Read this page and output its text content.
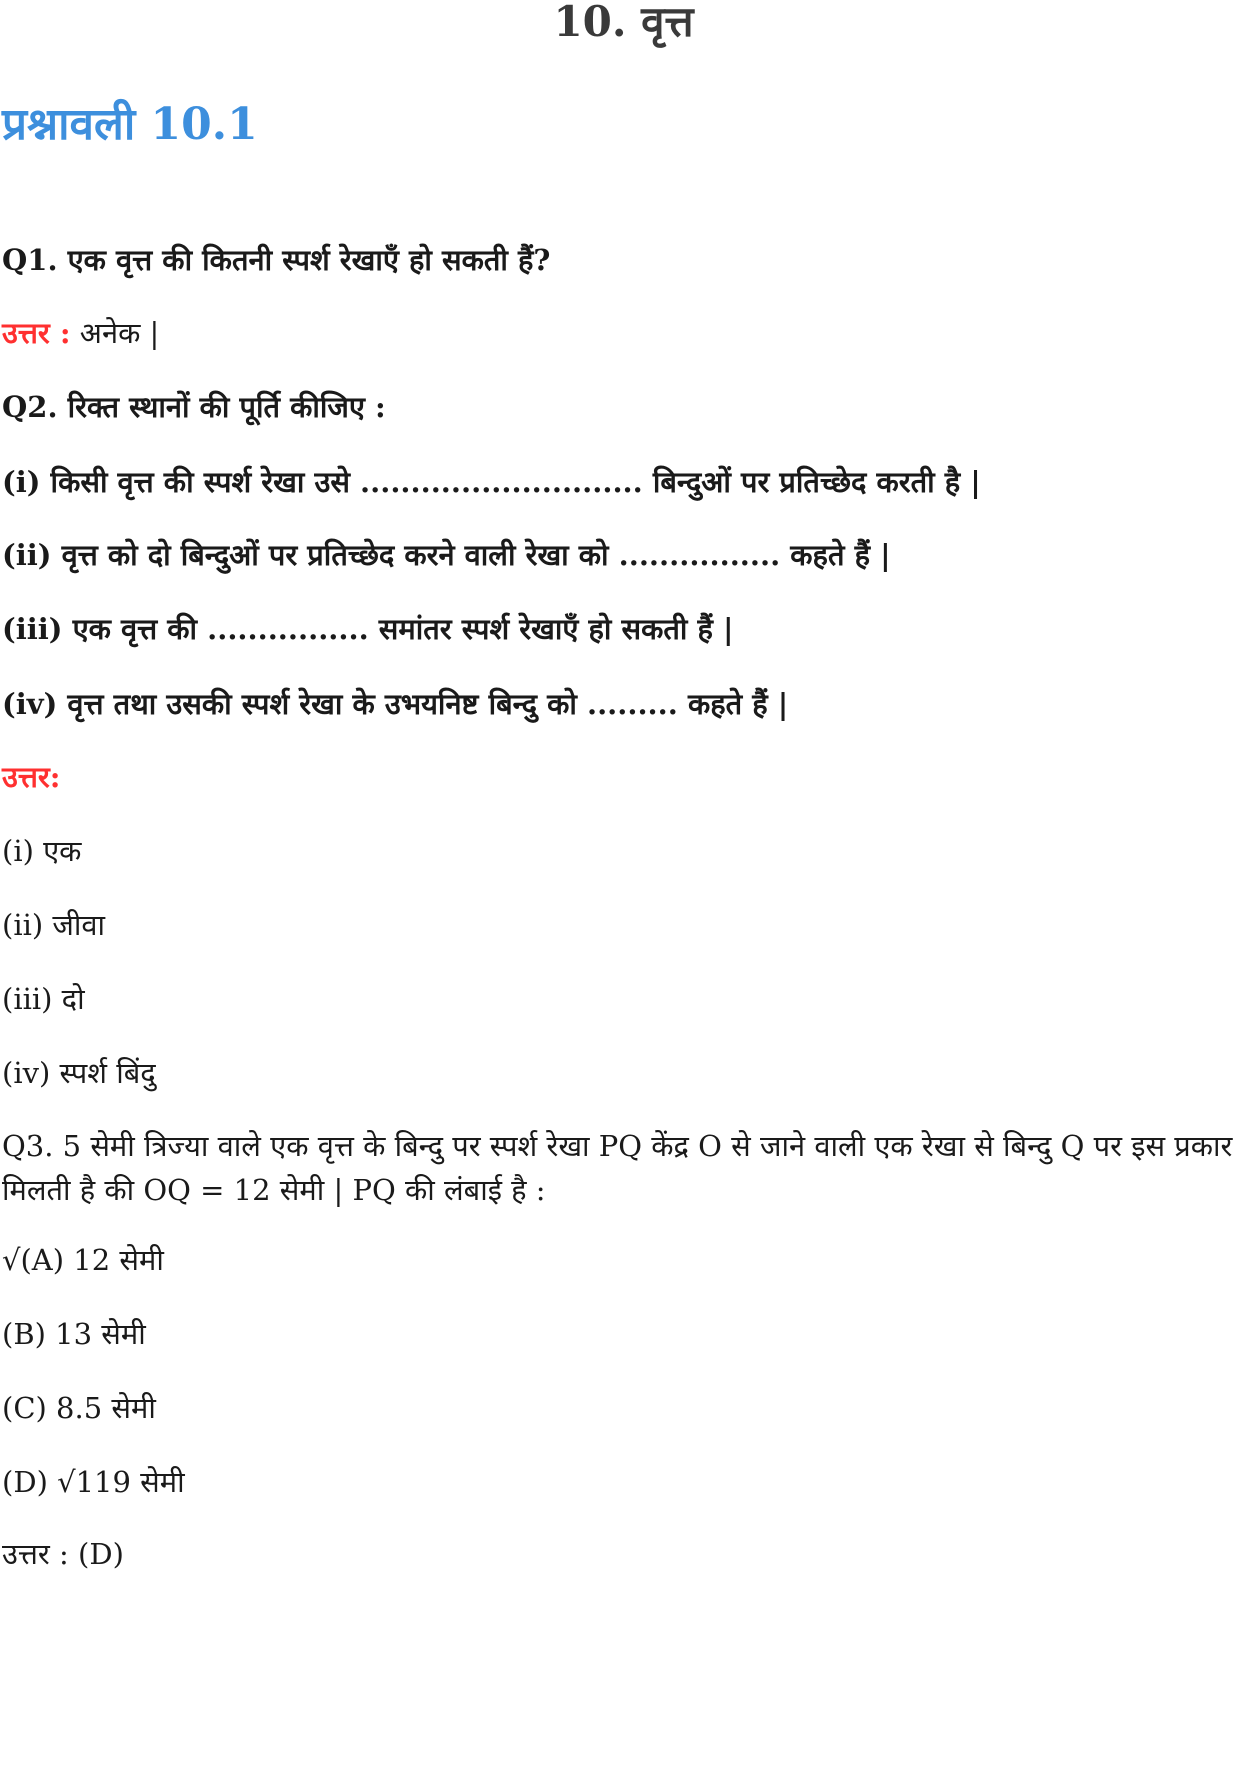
10. वृत्त
प्रश्नावली 10.1
Q1. एक वृत्त की कितनी स्पर्श रेखाएँ हो सकती हैं?
उत्तर : अनेक |
Q2. रिक्त स्थानों की पूर्ति कीजिए :
(i) किसी वृत्त की स्पर्श रेखा उसे ............................ बिन्दुओं पर प्रतिच्छेद करती है |
(ii) वृत्त को दो बिन्दुओं पर प्रतिच्छेद करने वाली रेखा को ................ कहते हैं |
(iii) एक वृत्त की ................ समांतर स्पर्श रेखाएँ हो सकती हैं |
(iv) वृत्त तथा उसकी स्पर्श रेखा के उभयनिष्ट बिन्दु को ......... कहते हैं |
उत्तर:
(i) एक
(ii) जीवा
(iii) दो
(iv) स्पर्श बिंदु
Q3. 5 सेमी त्रिज्या वाले एक वृत्त के बिन्दु पर स्पर्श रेखा PQ केंद्र O से जाने वाली एक रेखा से बिन्दु Q पर इस प्रकार मिलती है की OQ = 12 सेमी | PQ की लंबाई है :
√(A) 12 सेमी
(B) 13 सेमी
(C) 8.5 सेमी
(D) √119 सेमी
उत्तर : (D)
